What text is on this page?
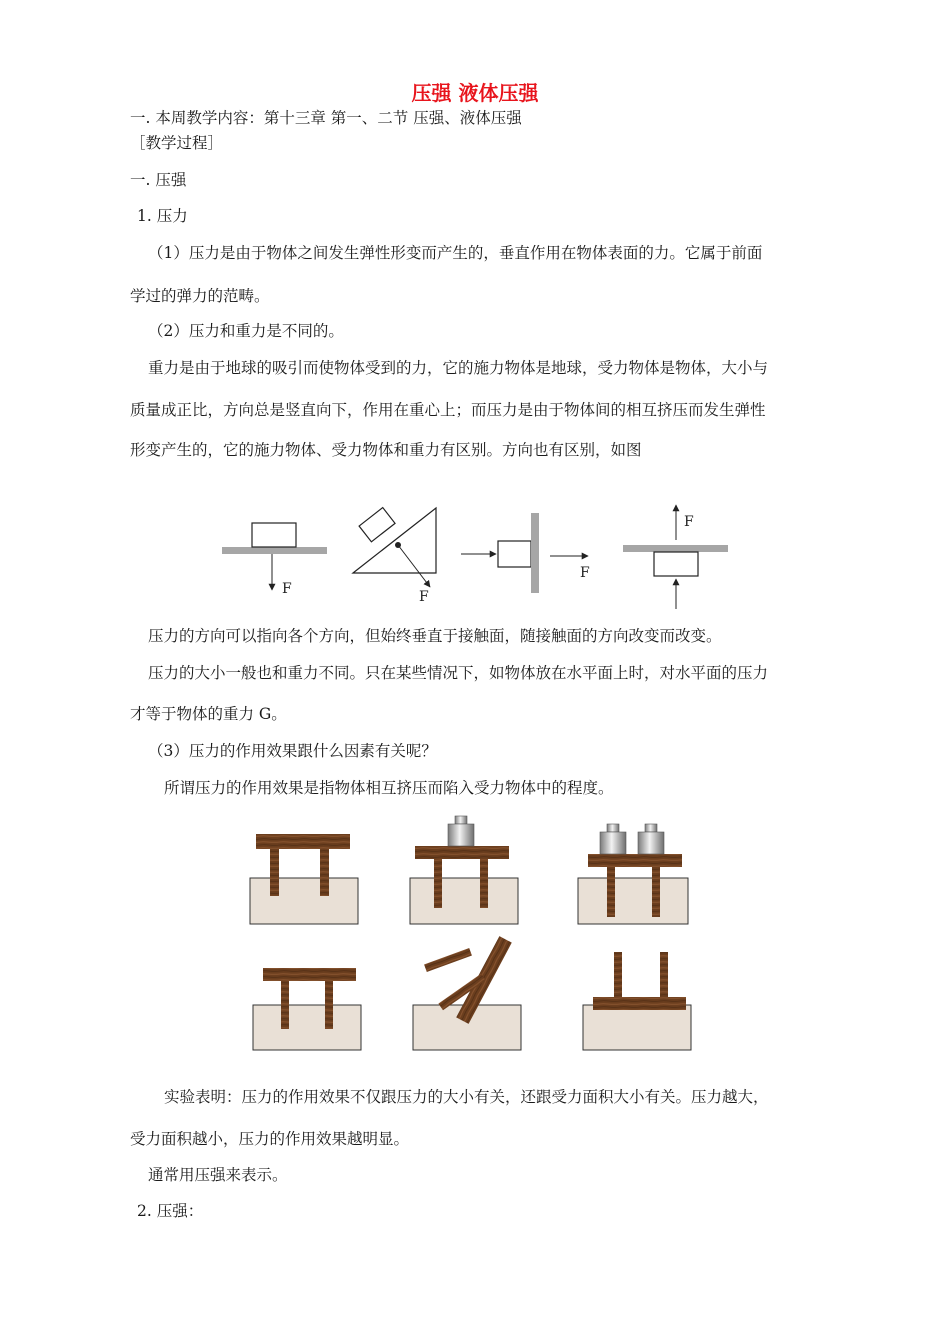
压强 液体压强
一. 本周教学内容：第十三章 第一、二节 压强、液体压强
［教学过程］
一. 压强
1. 压力
（1）压力是由于物体之间发生弹性形变而产生的，垂直作用在物体表面的力。它属于前面
学过的弹力的范畴。
（2）压力和重力是不同的。
重力是由于地球的吸引而使物体受到的力，它的施力物体是地球，受力物体是物体，大小与
质量成正比，方向总是竖直向下，作用在重心上；而压力是由于物体间的相互挤压而发生弹性
形变产生的，它的施力物体、受力物体和重力有区别。方向也有区别，如图
F	F
F
F
压力的方向可以指向各个方向，但始终垂直于接触面，随接触面的方向改变而改变。
压力的大小一般也和重力不同。只在某些情况下，如物体放在水平面上时，对水平面的压力
才等于物体的重力 G。
（3）压力的作用效果跟什么因素有关呢？
所谓压力的作用效果是指物体相互挤压而陷入受力物体中的程度。
实验表明：压力的作用效果不仅跟压力的大小有关，还跟受力面积大小有关。压力越大，
受力面积越小，压力的作用效果越明显。
通常用压强来表示。
2. 压强：
